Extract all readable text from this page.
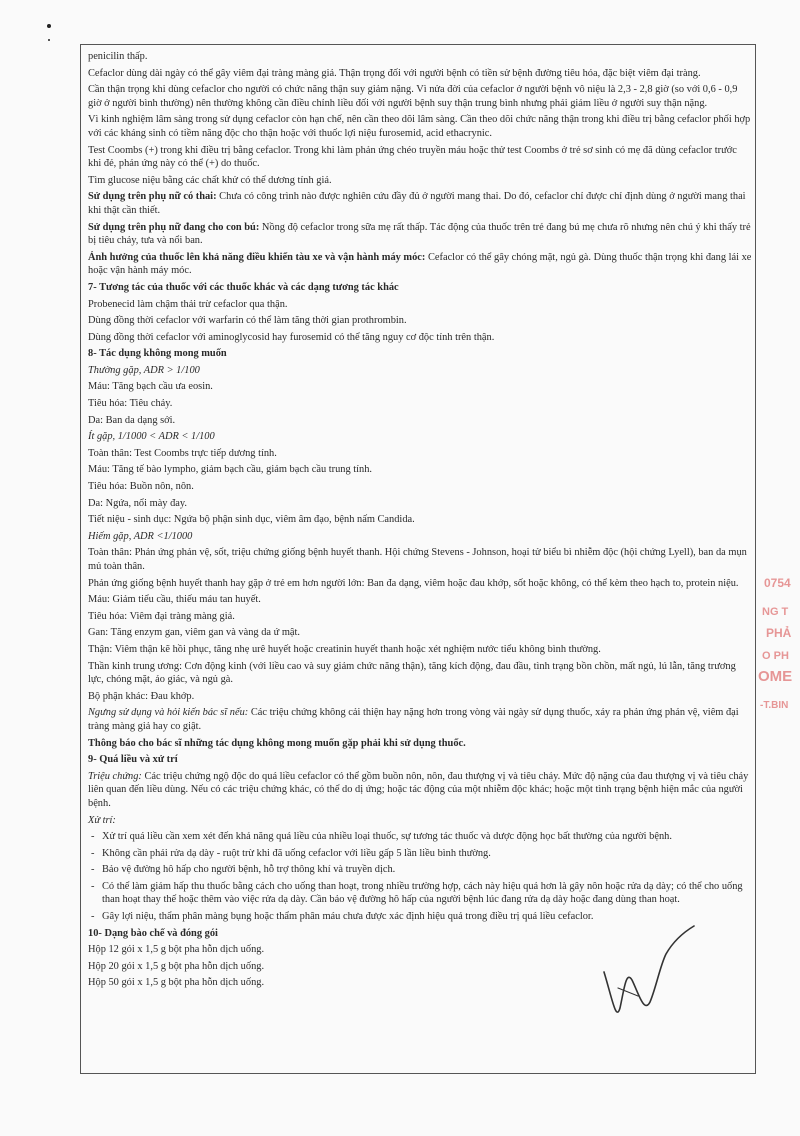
penicilin thấp.

Cefaclor dùng dài ngày có thể gây viêm đại tràng màng giả. Thận trọng đối với người bệnh có tiền sử bệnh đường tiêu hóa, đặc biệt viêm đại tràng.

Cần thận trọng khi dùng cefaclor cho người có chức năng thận suy giảm nặng. Vì nửa đời của cefaclor ở người bệnh vô niệu là 2,3 - 2,8 giờ (so với 0,6 - 0,9 giờ ở người bình thường) nên thường không cần điều chỉnh liều đối với người bệnh suy thận trung bình nhưng phải giảm liều ở người suy thận nặng.

Vì kinh nghiệm lâm sàng trong sử dụng cefaclor còn hạn chế, nên cần theo dõi lâm sàng. Cần theo dõi chức năng thận trong khi điều trị bằng cefaclor phối hợp với các kháng sinh có tiềm năng độc cho thận hoặc với thuốc lợi niệu furosemid, acid ethacrynic.

Test Coombs (+) trong khi điều trị bằng cefaclor. Trong khi làm phản ứng chéo truyền máu hoặc thử test Coombs ở trẻ sơ sinh có mẹ đã dùng cefaclor trước khi đẻ, phản ứng này có thể (+) do thuốc.

Tìm glucose niệu bằng các chất khử có thể dương tính giả.

Sử dụng trên phụ nữ có thai: Chưa có công trình nào được nghiên cứu đầy đủ ở người mang thai. Do đó, cefaclor chỉ được chỉ định dùng ở người mang thai khi thật cần thiết.

Sử dụng trên phụ nữ đang cho con bú: Nồng độ cefaclor trong sữa mẹ rất thấp. Tác động của thuốc trên trẻ đang bú mẹ chưa rõ nhưng nên chú ý khi thấy trẻ bị tiêu chảy, tưa và nổi ban.

Ảnh hưởng của thuốc lên khả năng điều khiển tàu xe và vận hành máy móc: Cefaclor có thể gây chóng mặt, ngủ gà. Dùng thuốc thận trọng khi đang lái xe hoặc vận hành máy móc.

7- Tương tác của thuốc với các thuốc khác và các dạng tương tác khác

Probenecid làm chậm thải trừ cefaclor qua thận.

Dùng đồng thời cefaclor với warfarin có thể làm tăng thời gian prothrombin.

Dùng đồng thời cefaclor với aminoglycosid hay furosemid có thể tăng nguy cơ độc tính trên thận.

8- Tác dụng không mong muốn

Thường gặp, ADR > 1/100

Máu: Tăng bạch cầu ưa eosin.

Tiêu hóa: Tiêu chảy.

Da: Ban da dạng sởi.

Ít gặp, 1/1000 < ADR < 1/100

Toàn thân: Test Coombs trực tiếp dương tính.

Máu: Tăng tế bào lympho, giảm bạch cầu, giảm bạch cầu trung tính.

Tiêu hóa: Buồn nôn, nôn.

Da: Ngứa, nổi mày đay.

Tiết niệu - sinh dục: Ngứa bộ phận sinh dục, viêm âm đạo, bệnh nấm Candida.

Hiếm gặp, ADR <1/1000

Toàn thân: Phản ứng phản vệ, sốt, triệu chứng giống bệnh huyết thanh. Hội chứng Stevens - Johnson, hoại tử biểu bì nhiễm độc (hội chứng Lyell), ban da mụn mủ toàn thân.

Phản ứng giống bệnh huyết thanh hay gặp ở trẻ em hơn người lớn: Ban đa dạng, viêm hoặc đau khớp, sốt hoặc không, có thể kèm theo hạch to, protein niệu.

Máu: Giảm tiểu cầu, thiếu máu tan huyết.

Tiêu hóa: Viêm đại tràng màng giả.

Gan: Tăng enzym gan, viêm gan và vàng da ứ mật.

Thận: Viêm thận kẽ hồi phục, tăng nhẹ urê huyết hoặc creatinin huyết thanh hoặc xét nghiệm nước tiểu không bình thường.

Thần kinh trung ương: Cơn động kinh (với liều cao và suy giảm chức năng thận), tăng kích động, đau đầu, tình trạng bồn chồn, mất ngủ, lú lẫn, tăng trương lực, chóng mặt, ảo giác, và ngủ gà.

Bộ phận khác: Đau khớp.

Ngưng sử dụng và hỏi kiến bác sĩ nếu: Các triệu chứng không cải thiện hay nặng hơn trong vòng vài ngày sử dụng thuốc, xảy ra phản ứng phản vệ, viêm đại tràng màng giả hay co giật.

Thông báo cho bác sĩ những tác dụng không mong muốn gặp phải khi sử dụng thuốc.

9- Quá liều và xử trí

Triệu chứng: Các triệu chứng ngộ độc do quá liều cefaclor có thể gồm buồn nôn, nôn, đau thượng vị và tiêu chảy. Mức độ nặng của đau thượng vị và tiêu chảy liên quan đến liều dùng. Nếu có các triệu chứng khác, có thể do dị ứng; hoặc tác động của một nhiễm độc khác; hoặc một tình trạng bệnh hiện mắc của người bệnh.

Xử trí:

- Xử trí quá liều cần xem xét đến khả năng quá liều của nhiều loại thuốc, sự tương tác thuốc và dược động học bất thường của người bệnh.
- Không cần phải rửa dạ dày - ruột trừ khi đã uống cefaclor với liều gấp 5 lần liều bình thường.
- Bảo vệ đường hô hấp cho người bệnh, hỗ trợ thông khí và truyền dịch.
- Có thể làm giảm hấp thu thuốc bằng cách cho uống than hoạt, trong nhiều trường hợp, cách này hiệu quả hơn là gây nôn hoặc rửa dạ dày; có thể cho uống than hoạt thay thế hoặc thêm vào việc rửa dạ dày. Cần bảo vệ đường hô hấp của người bệnh lúc đang rửa dạ dày hoặc đang dùng than hoạt.
- Gây lợi niệu, thẩm phân màng bụng hoặc thẩm phân máu chưa được xác định hiệu quả trong điều trị quá liều cefaclor.

10- Dạng bào chế và đóng gói

Hộp 12 gói x 1,5 g bột pha hỗn dịch uống.

Hộp 20 gói x 1,5 g bột pha hỗn dịch uống.

Hộp 50 gói x 1,5 g bột pha hỗn dịch uống.

0754
NG T
PHẢ
O PH
OME
-T.BIN
